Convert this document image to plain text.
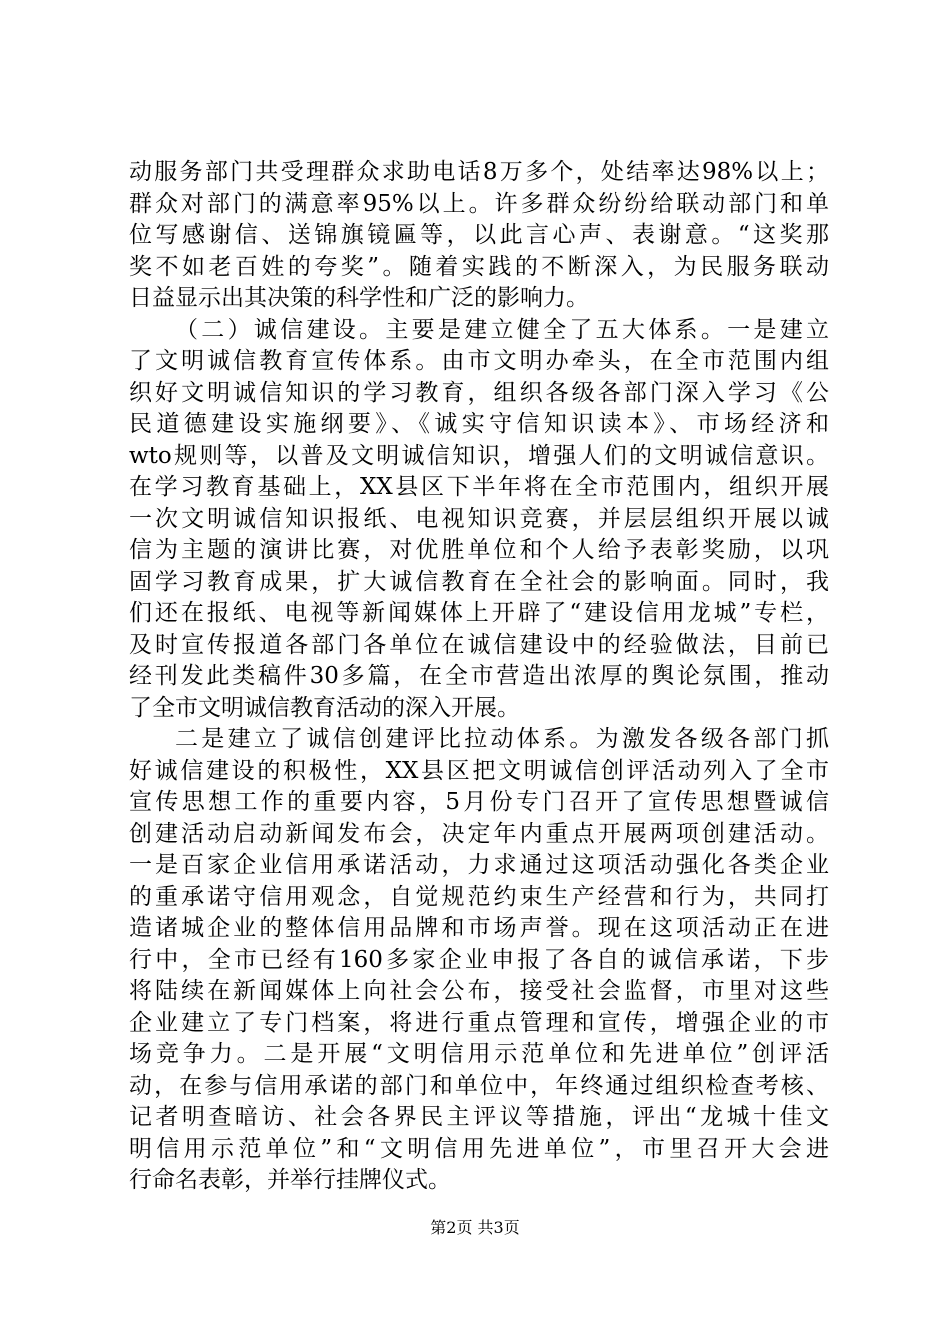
动服务部门共受理群众求助电话8万多个，处结率达98%以上；
群众对部门的满意率95%以上。许多群众纷纷给联动部门和单
位写感谢信、送锦旗镜匾等，以此言心声、表谢意。“这奖那
奖不如老百姓的夸奖”。随着实践的不断深入，为民服务联动
日益显示出其决策的科学性和广泛的影响力。
（二）诚信建设。主要是建立健全了五大体系。一是建立
了文明诚信教育宣传体系。由市文明办牵头，在全市范围内组
织好文明诚信知识的学习教育，组织各级各部门深入学习《公
民道德建设实施纲要》、《诚实守信知识读本》、市场经济和
wto规则等，以普及文明诚信知识，增强人们的文明诚信意识。
在学习教育基础上，XX县区下半年将在全市范围内，组织开展
一次文明诚信知识报纸、电视知识竞赛，并层层组织开展以诚
信为主题的演讲比赛，对优胜单位和个人给予表彰奖励，以巩
固学习教育成果，扩大诚信教育在全社会的影响面。同时，我
们还在报纸、电视等新闻媒体上开辟了“建设信用龙城”专栏，
及时宣传报道各部门各单位在诚信建设中的经验做法，目前已
经刊发此类稿件30多篇，在全市营造出浓厚的舆论氛围，推动
了全市文明诚信教育活动的深入开展。
二是建立了诚信创建评比拉动体系。为激发各级各部门抓
好诚信建设的积极性，XX县区把文明诚信创评活动列入了全市
宣传思想工作的重要内容，5月份专门召开了宣传思想暨诚信
创建活动启动新闻发布会，决定年内重点开展两项创建活动。
一是百家企业信用承诺活动，力求通过这项活动强化各类企业
的重承诺守信用观念，自觉规范约束生产经营和行为，共同打
造诸城企业的整体信用品牌和市场声誉。现在这项活动正在进
行中，全市已经有160多家企业申报了各自的诚信承诺，下步
将陆续在新闻媒体上向社会公布，接受社会监督，市里对这些
企业建立了专门档案，将进行重点管理和宣传，增强企业的市
场竞争力。二是开展“文明信用示范单位和先进单位”创评活
动，在参与信用承诺的部门和单位中，年终通过组织检查考核、
记者明查暗访、社会各界民主评议等措施，评出“龙城十佳文
明信用示范单位”和“文明信用先进单位”，市里召开大会进
行命名表彰，并举行挂牌仪式。
第2页 共3页
